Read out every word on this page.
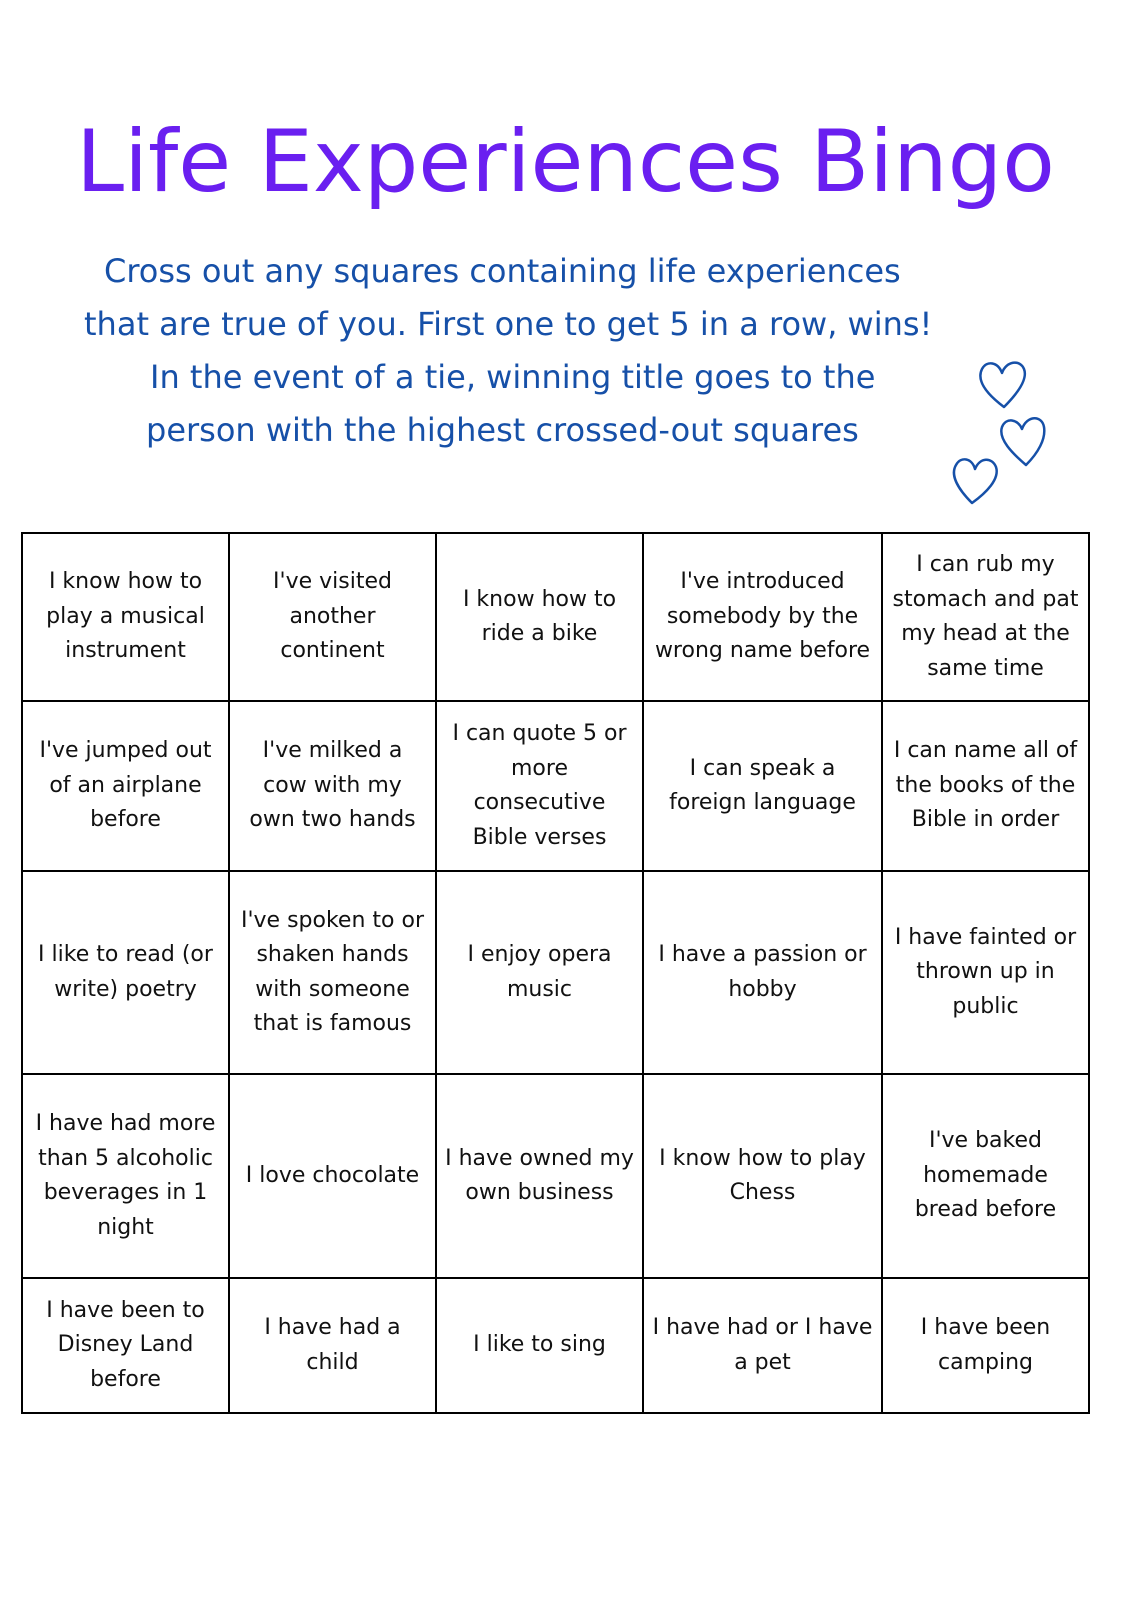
Life Experiences Bingo
Cross out any squares containing life experiences
that are true of you. First one to get 5 in a row, wins!
In the event of a tie, winning title goes to the
person with the highest crossed-out squares
I know how to play a musical instrument	I've visited another continent	I know how to ride a bike	I've introduced somebody by the wrong name before	I can rub my stomach and pat my head at the same time
I've jumped out of an airplane before	I've milked a cow with my own two hands	I can quote 5 or more consecutive Bible verses	I can speak a foreign language	I can name all of the books of the Bible in order
I like to read (or write) poetry	I've spoken to or shaken hands with someone that is famous	I enjoy opera music	I have a passion or hobby	I have fainted or thrown up in public
I have had more than 5 alcoholic beverages in 1 night	I love chocolate	I have owned my own business	I know how to play Chess	I've baked homemade bread before
I have been to Disney Land before	I have had a child	I like to sing	I have had or I have a pet	I have been camping
